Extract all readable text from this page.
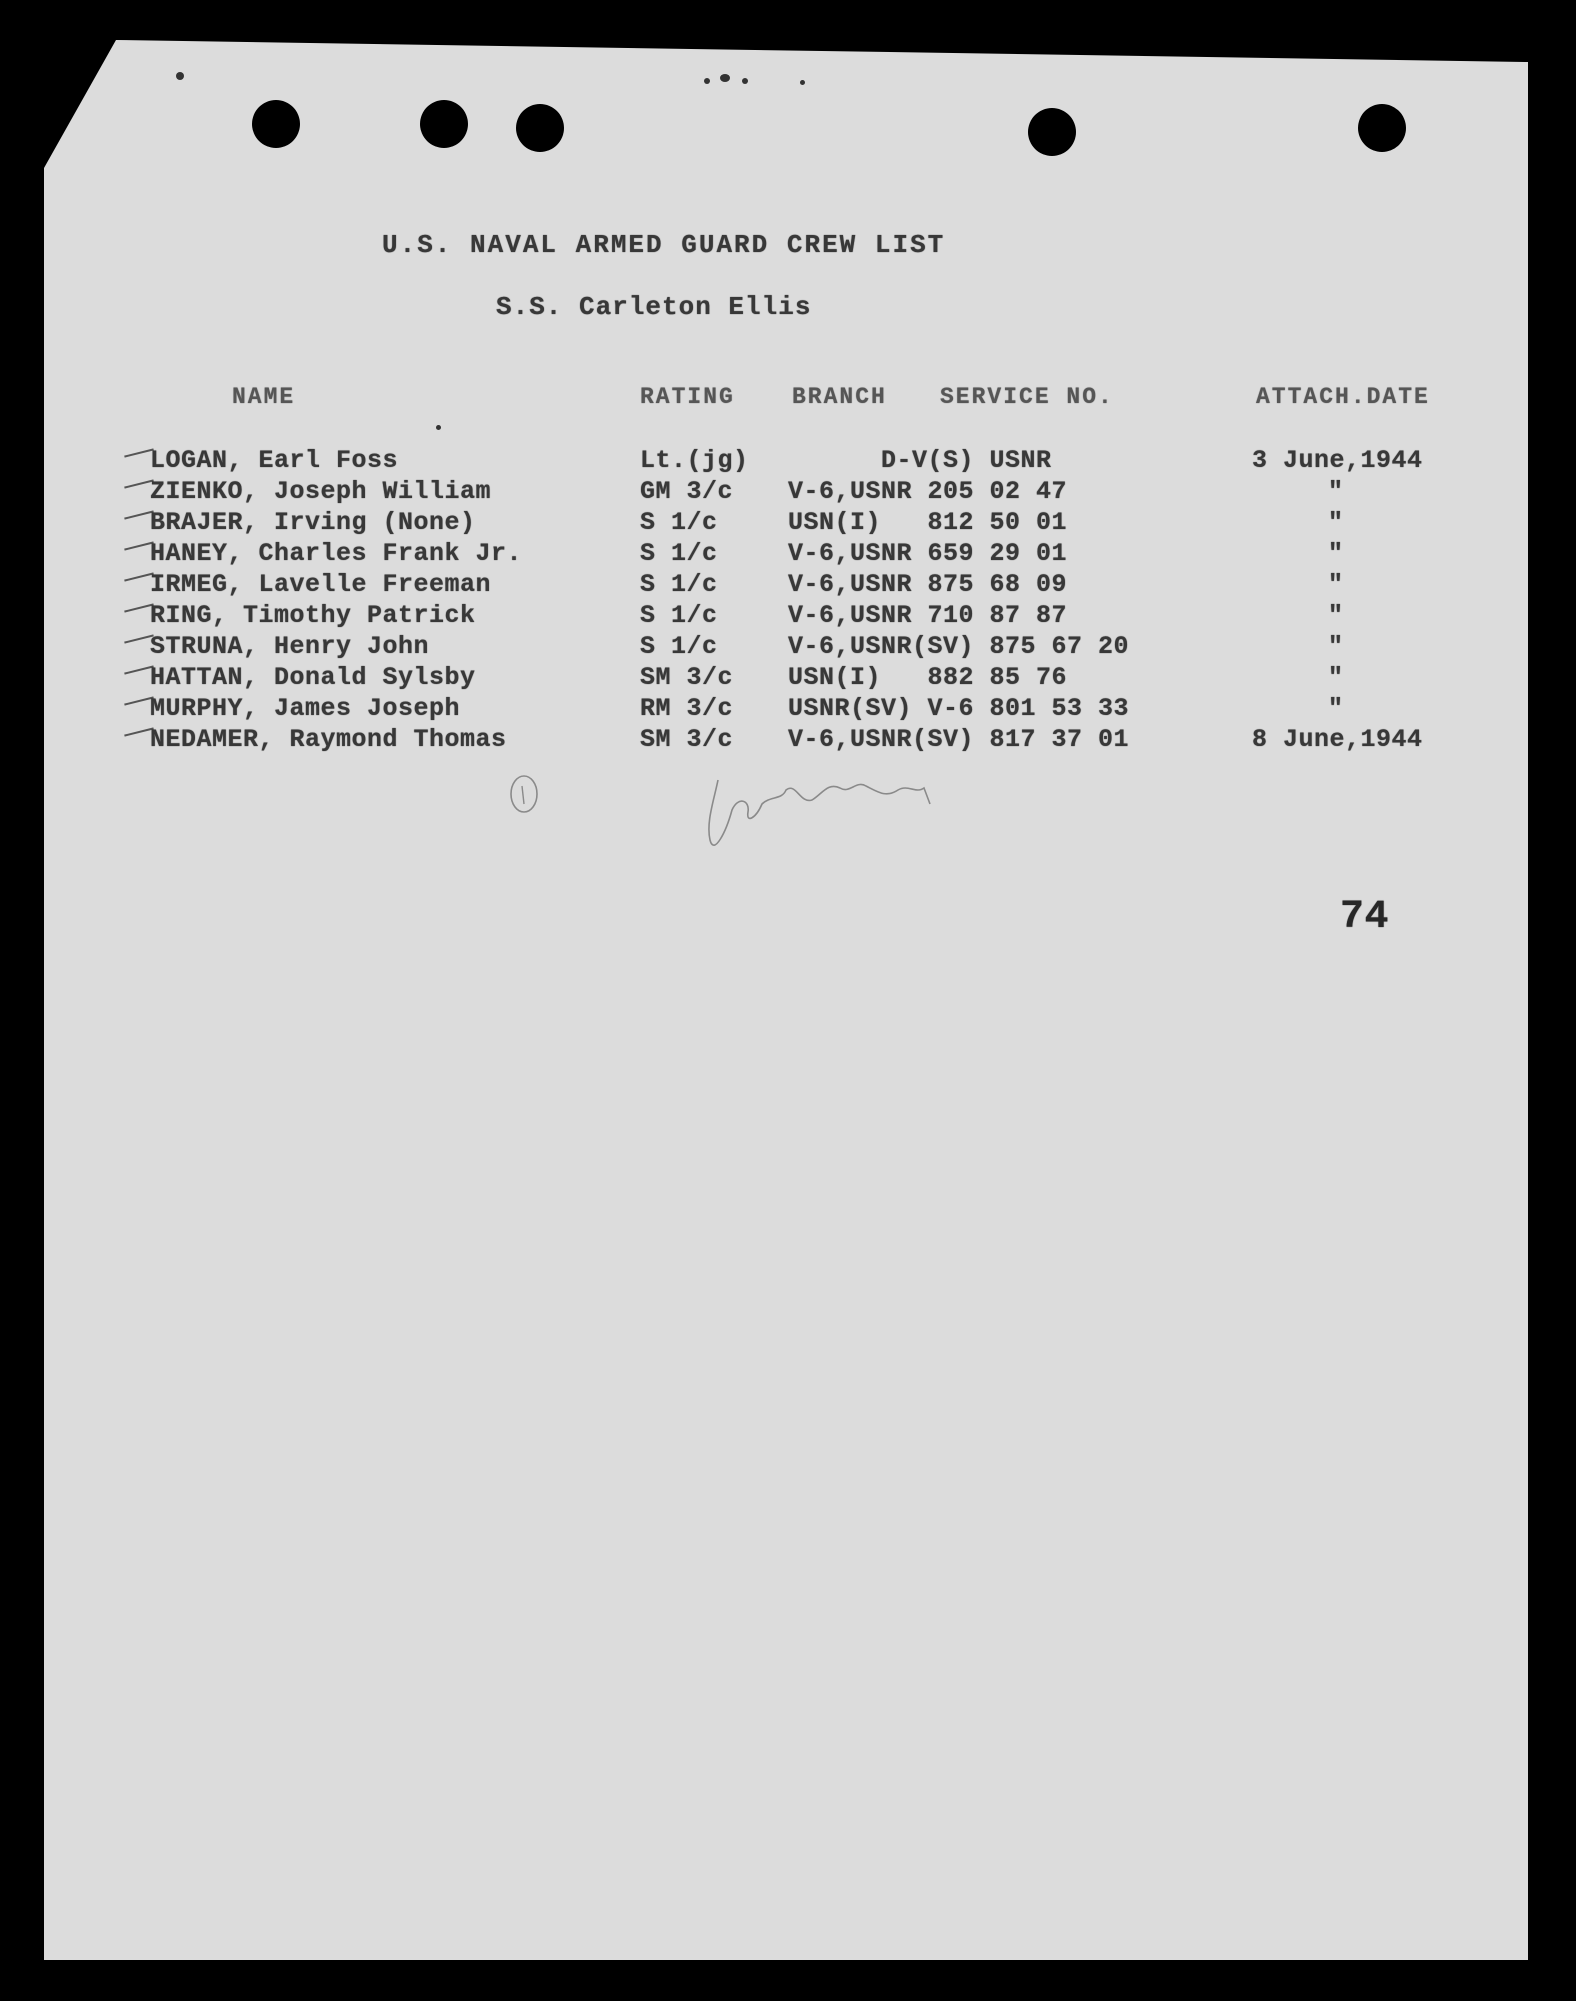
U.S. NAVAL ARMED GUARD CREW LIST
S.S. Carleton Ellis
NAME	RATING BRANCH SERVICE NO.	ATTACH.DATE
LOGAN, Earl Foss	Lt.(jg) D-V(S) USNR	3 June,1944
ZIENKO, Joseph William	GM 3/c V-6,USNR 205 02 47	"
BRAJER, Irving (None)	S 1/c	USN(I)   812 50 01	"
HANEY, Charles Frank Jr.	S 1/c	V-6,USNR 659 29 01	"
IRMEG, Lavelle Freeman	S 1/c	V-6,USNR 875 68 09	"
RING, Timothy Patrick	S 1/c	V-6,USNR 710 87 87	"
STRUNA, Henry John	S 1/c	V-6,USNR(SV) 875 67 20	"
HATTAN, Donald Sylsby	SM 3/c USN(I)   882 85 76	"
MURPHY, James Joseph	RM 3/c USNR(SV) V-6 801 53 33	"
NEDAMER, Raymond Thomas	SM 3/c V-6,USNR(SV) 817 37 01	8 June,1944
74
